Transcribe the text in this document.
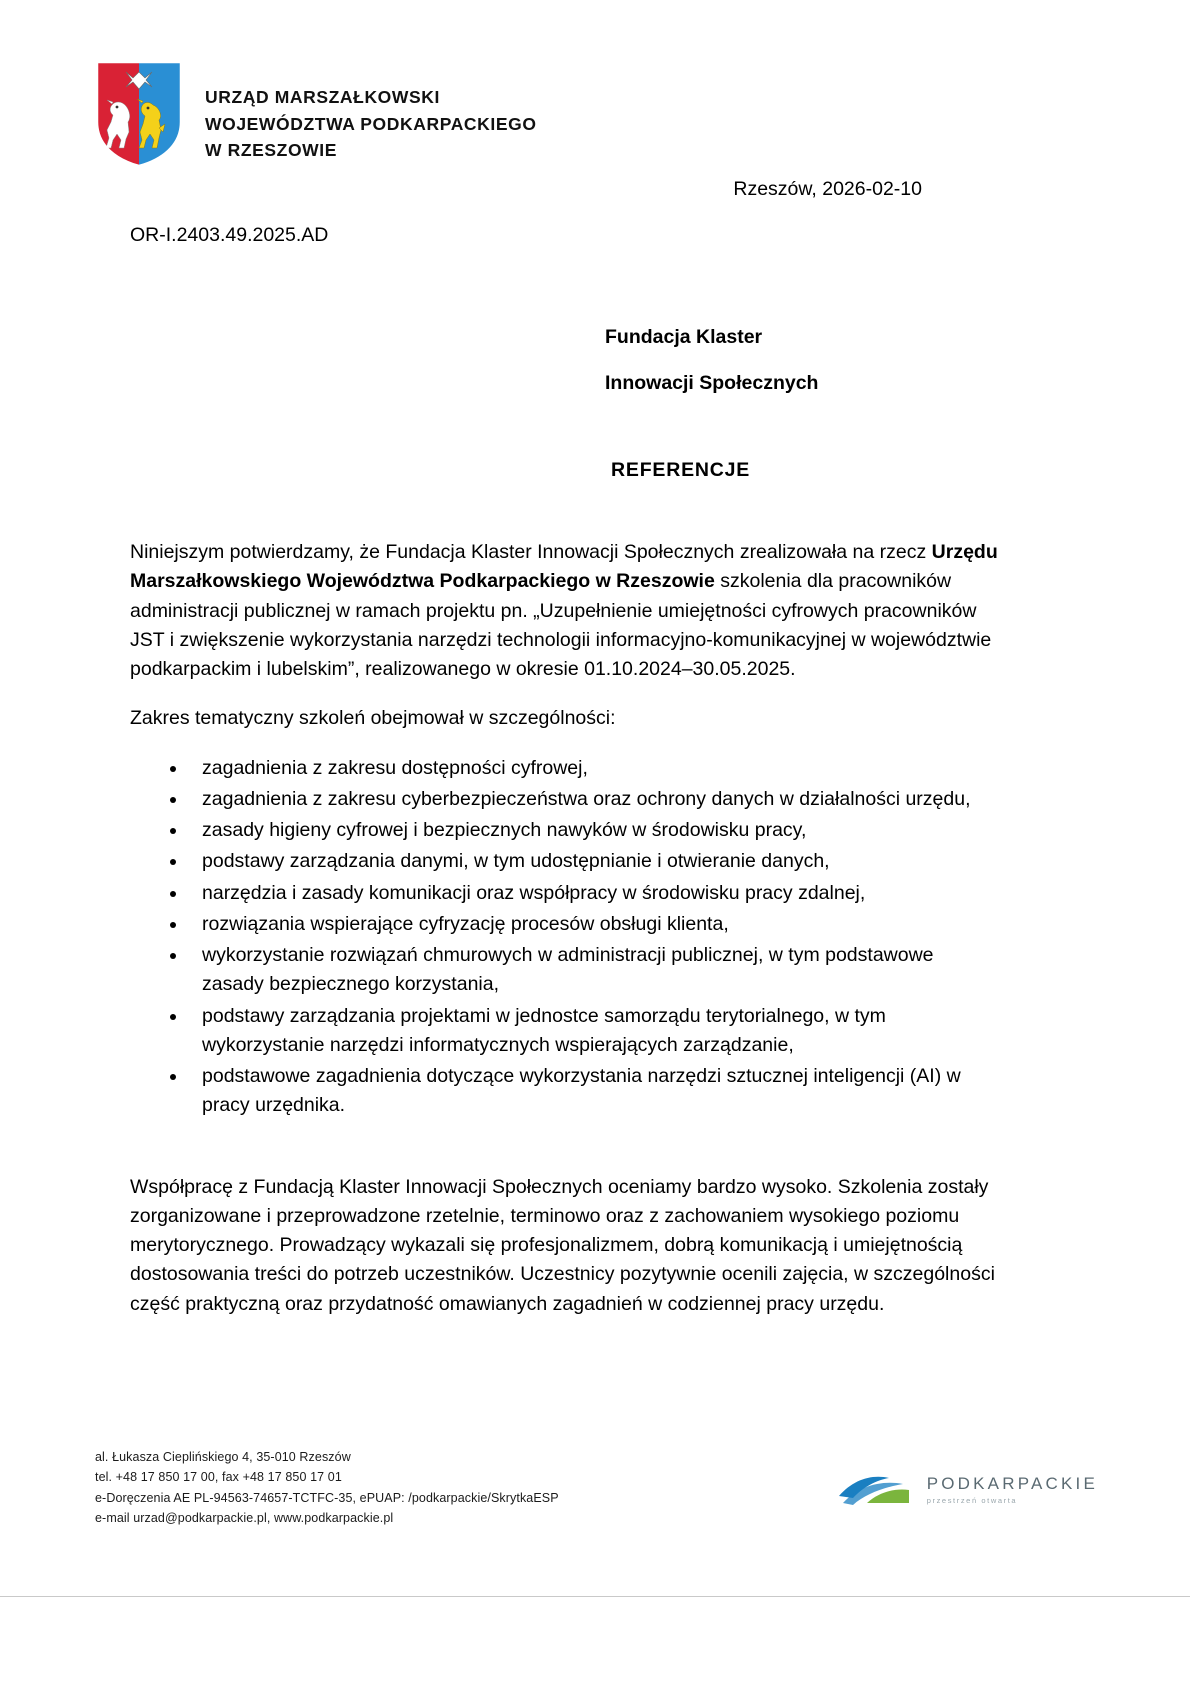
URZĄD MARSZAŁKOWSKI
WOJEWÓDZTWA PODKARPACKIEGO
W RZESZOWIE
Rzeszów, 2026-02-10
OR-I.2403.49.2025.AD
Fundacja Klaster
Innowacji Społecznych
REFERENCJE

Niniejszym potwierdzamy, że Fundacja Klaster Innowacji Społecznych zrealizowała na rzecz Urzędu Marszałkowskiego Województwa Podkarpackiego w Rzeszowie szkolenia dla pracowników administracji publicznej w ramach projektu pn. „Uzupełnienie umiejętności cyfrowych pracowników JST i zwiększenie wykorzystania narzędzi technologii informacyjno-komunikacyjnej w województwie podkarpackim i lubelskim”, realizowanego w okresie 01.10.2024–30.05.2025.

Zakres tematyczny szkoleń obejmował w szczególności:

zagadnienia z zakresu dostępności cyfrowej,
zagadnienia z zakresu cyberbezpieczeństwa oraz ochrony danych w działalności urzędu,
zasady higieny cyfrowej i bezpiecznych nawyków w środowisku pracy,
podstawy zarządzania danymi, w tym udostępnianie i otwieranie danych,
narzędzia i zasady komunikacji oraz współpracy w środowisku pracy zdalnej,
rozwiązania wspierające cyfryzację procesów obsługi klienta,
wykorzystanie rozwiązań chmurowych w administracji publicznej, w tym podstawowe zasady bezpiecznego korzystania,
podstawy zarządzania projektami w jednostce samorządu terytorialnego, w tym wykorzystanie narzędzi informatycznych wspierających zarządzanie,
podstawowe zagadnienia dotyczące wykorzystania narzędzi sztucznej inteligencji (AI) w pracy urzędnika.

Współpracę z Fundacją Klaster Innowacji Społecznych oceniamy bardzo wysoko. Szkolenia zostały zorganizowane i przeprowadzone rzetelnie, terminowo oraz z zachowaniem wysokiego poziomu merytorycznego. Prowadzący wykazali się profesjonalizmem, dobrą komunikacją i umiejętnością dostosowania treści do potrzeb uczestników. Uczestnicy pozytywnie ocenili zajęcia, w szczególności część praktyczną oraz przydatność omawianych zagadnień w codziennej pracy urzędu.

al. Łukasza Cieplińskiego 4, 35-010 Rzeszów
tel. +48 17 850 17 00, fax +48 17 850 17 01
e-Doręczenia AE PL-94563-74657-TCTFC-35, ePUAP: /podkarpackie/SkrytkaESP
e-mail urzad@podkarpackie.pl, www.podkarpackie.pl
PODKARPACKIE
przestrzeń otwarta
